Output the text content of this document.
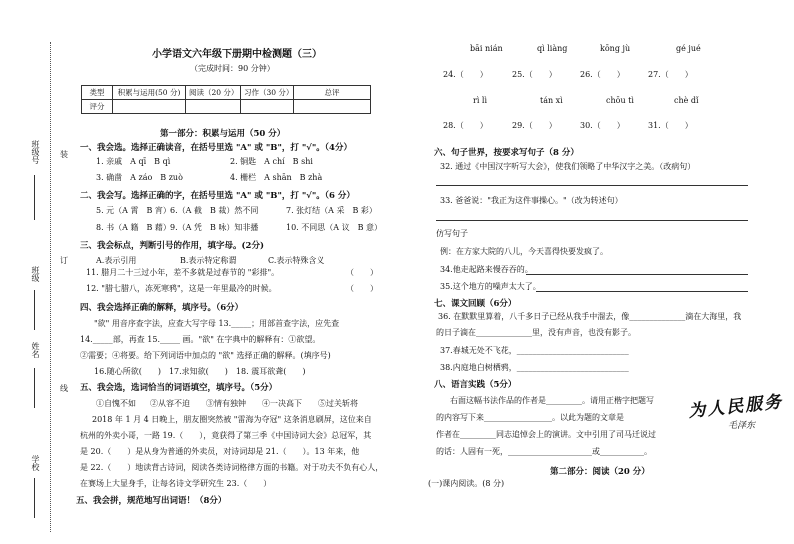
班级号
班级
姓名
学校
装
订
线
小学语文六年级下册期中检测题（三）
（完成时间：90 分钟）
类型	积累与运用(50 分)	阅读（20 分）	习作（30 分）	总评
评分				
第一部分：积累与运用（50 分）
一、我会选。选择正确读音，在括号里选 "A" 或 "B"，打 "√"。（4分）
1. 亲戚　A qī　B qì	2. 铜匙　A chí　B shi
3. 确凿　A záo　B zuò	4. 栅栏　A shān　B zhà
二、我会写。选择正确的字，在括号里选 "A" 或 "B"，打 "√"。（6 分）
5. 元（A 霄　B 宵） 6.（A 截　B 裁）然不同	7. 张灯结（A 采　B 彩）
8. 书（A 籍　B 藉） 9.（A 凭　B 咏）知非播	10. 不同思（A 议　B 意）
三、我会标点，判断引号的作用，填字母。(2分)
A.表示引用	B.表示特定称谓	C.表示特殊含义
11. 腊月二十三过小年，差不多就是过春节的 "彩排"。	（　　）
12. "腊七腊八，冻死寒鸦"，这是一年里最冷的时候。	（　　）
四、我会选择正确的解释，填序号。（6分）
"欲" 用音序查字法，应查大写字母 13._____；用部首查字法，应先查
14._____部，再查 15._____ 画。"欲" 在字典中的解释有：①欲望。
②需要；④将要。给下列词语中加点的 "欲" 选择正确的解释。(填序号)
16.随心所欲(　　)　17.求知欲(　　)　18. 震耳欲聋(　　)
五、我会选，选词恰当的词语填空，填序号。（5分）
①自愧不如 ②从容不迫 ③情有独钟 ④一决高下 ⑤过关斩将
2018 年 1 月 4 日晚上，朋友圈突然被 "雷海为夺冠" 这条消息刷屏，这位来自
杭州的外卖小哥，一路 19.（　　），竟获得了第三季《中国诗词大会》总冠军，其
是 20.（　　）是从身为普通的外卖员，对诗词却是 21.（　　）。13 年来，他
是 22.（　　）地读背古诗词，阅读各类诗词格律方面的书籍。对于功夫不负有心人，
在赛场上大显身手，让每名诗文学研究生 23.（　　）
五、我会拼，规范地写出词语！（8分）
bāi nián	qì liàng	kōng jù	gé jué
24.（　　）	25.（　　）	26.（　　）	27.（　　）
rì lì	tán xì	chōu tì	chè dǐ
28.（　　）	29.（　　）	30.（　　）	31.（　　）
六、句子世界，按要求写句子（8 分）
32. 通过《中国汉字听写大会》，使我们领略了中华汉字之美。（改病句）
33. 爸爸说："我正为这件事操心。"（改为转述句）
仿写句子
例：在方家大院的八儿，今天喜得快要发疯了。
34.他走起路来慢吞吞的。
35.这个地方的噪声太大了。
七、课文回顾（6分）
36. 在默默里算着，八千多日子已经从我手中溜去，像______________滴在大海里，我
的日子滴在______________里，没有声音，也没有影子。
37.春城无处不飞花，____________________________
38.内庭地白树栖鸦，____________________________
八、语言实践（5分）
右面这幅书法作品的作者是_________。请用正楷字把题写
的内容写下来_________________。以此为题的文章是
作者在_________同志追悼会上的演讲。文中引用了司马迁说过
的话：人固有一死，_____________________或___________。
为人民服务
毛泽东
第二部分：阅读（20 分）
(一)课内阅读。(8 分)
